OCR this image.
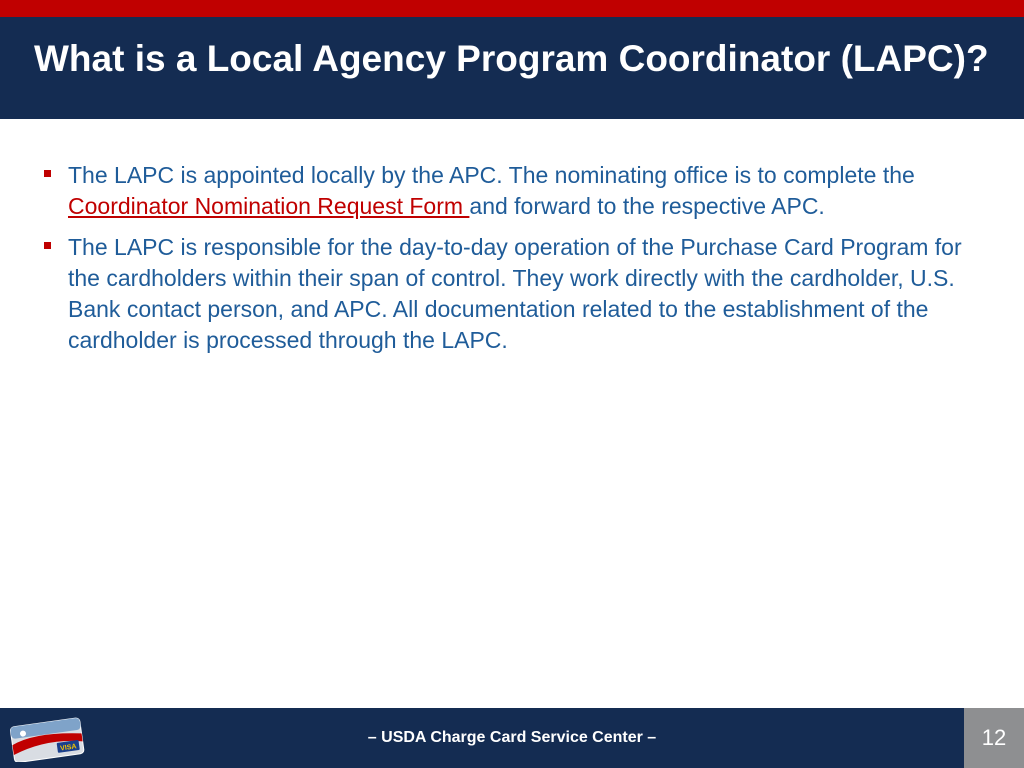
What is a Local Agency Program Coordinator (LAPC)?
The LAPC is appointed locally by the APC. The nominating office is to complete the Coordinator Nomination Request Form and forward to the respective APC.
The LAPC is responsible for the day-to-day operation of the Purchase Card Program for the cardholders within their span of control. They work directly with the cardholder, U.S. Bank contact person, and APC. All documentation related to the establishment of the cardholder is processed through the LAPC.
VISA
– USDA Charge Card Service Center –	12
